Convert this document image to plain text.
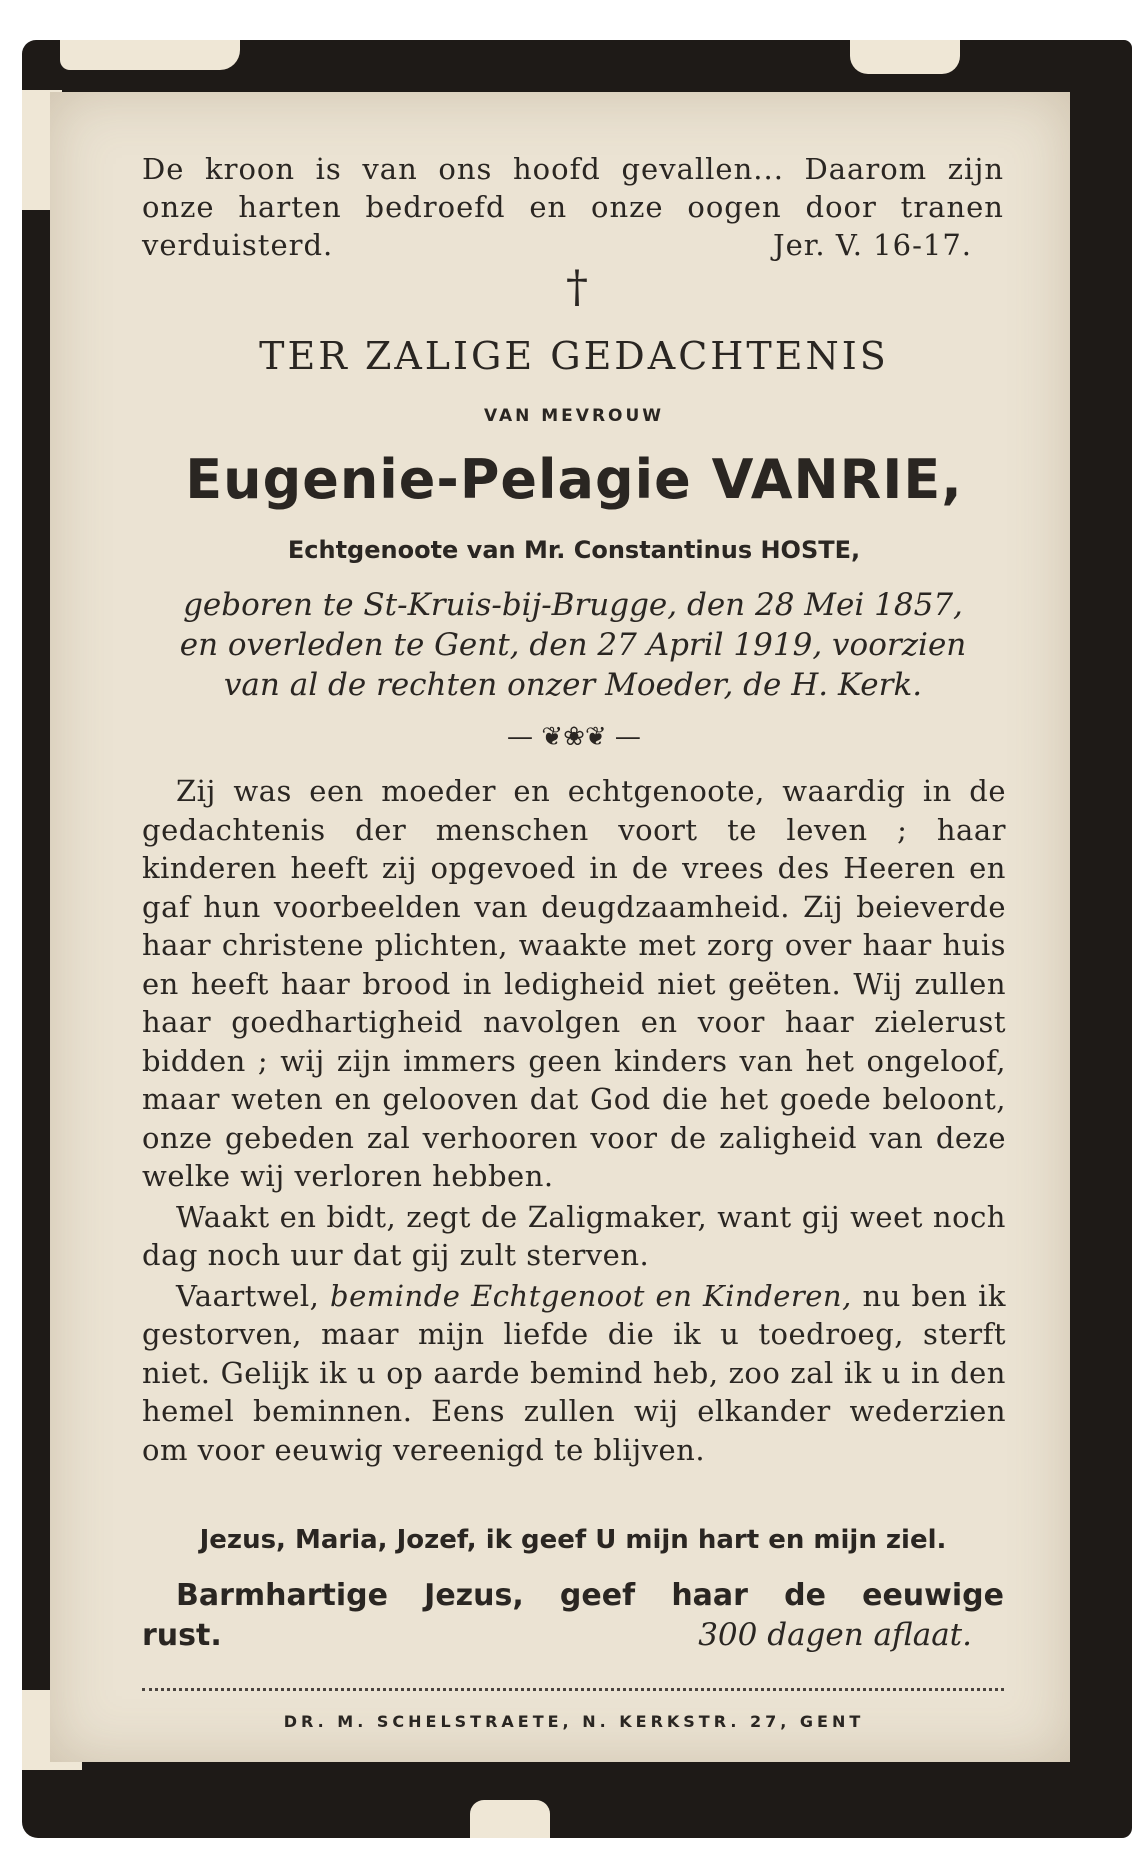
De kroon is van ons hoofd gevallen... Daarom zijn
onze harten bedroefd en onze oogen door tranen
verduisterd.	Jer. V. 16-17.
†
TER ZALIGE GEDACHTENIS
VAN MEVROUW
Eugenie-Pelagie VANRIE,
Echtgenoote van Mr. Constantinus HOSTE,
geboren te St-Kruis-bij-Brugge, den 28 Mei 1857,
en overleden te Gent, den 27 April 1919, voorzien
van al de rechten onzer Moeder, de H. Kerk.
— ❦❀❦ —

Zij was een moeder en echtgenoote, waardig in de gedachtenis der menschen voort te leven ; haar kinderen heeft zij opgevoed in de vrees des Heeren en gaf hun voorbeelden van deugdzaamheid. Zij beieverde haar christene plichten, waakte met zorg over haar huis en heeft haar brood in ledigheid niet geëten. Wij zullen haar goedhartigheid navolgen en voor haar zielerust bidden ; wij zijn immers geen kinders van het ongeloof, maar weten en gelooven dat God die het goede beloont, onze gebeden zal verhooren voor de zaligheid van deze welke wij verloren hebben.

Waakt en bidt, zegt de Zaligmaker, want gij weet noch dag noch uur dat gij zult sterven.

Vaartwel, beminde Echtgenoot en Kinderen, nu ben ik gestorven, maar mijn liefde die ik u toedroeg, sterft niet. Gelijk ik u op aarde bemind heb, zoo zal ik u in den hemel beminnen. Eens zullen wij elkander wederzien om voor eeuwig vereenigd te blijven.

Jezus, Maria, Jozef, ik geef U mijn hart en mijn ziel.
Barmhartige Jezus, geef haar de eeuwige
rust.	300 dagen aflaat.
DR. M. SCHELSTRAETE, N. KERKSTR. 27, GENT
